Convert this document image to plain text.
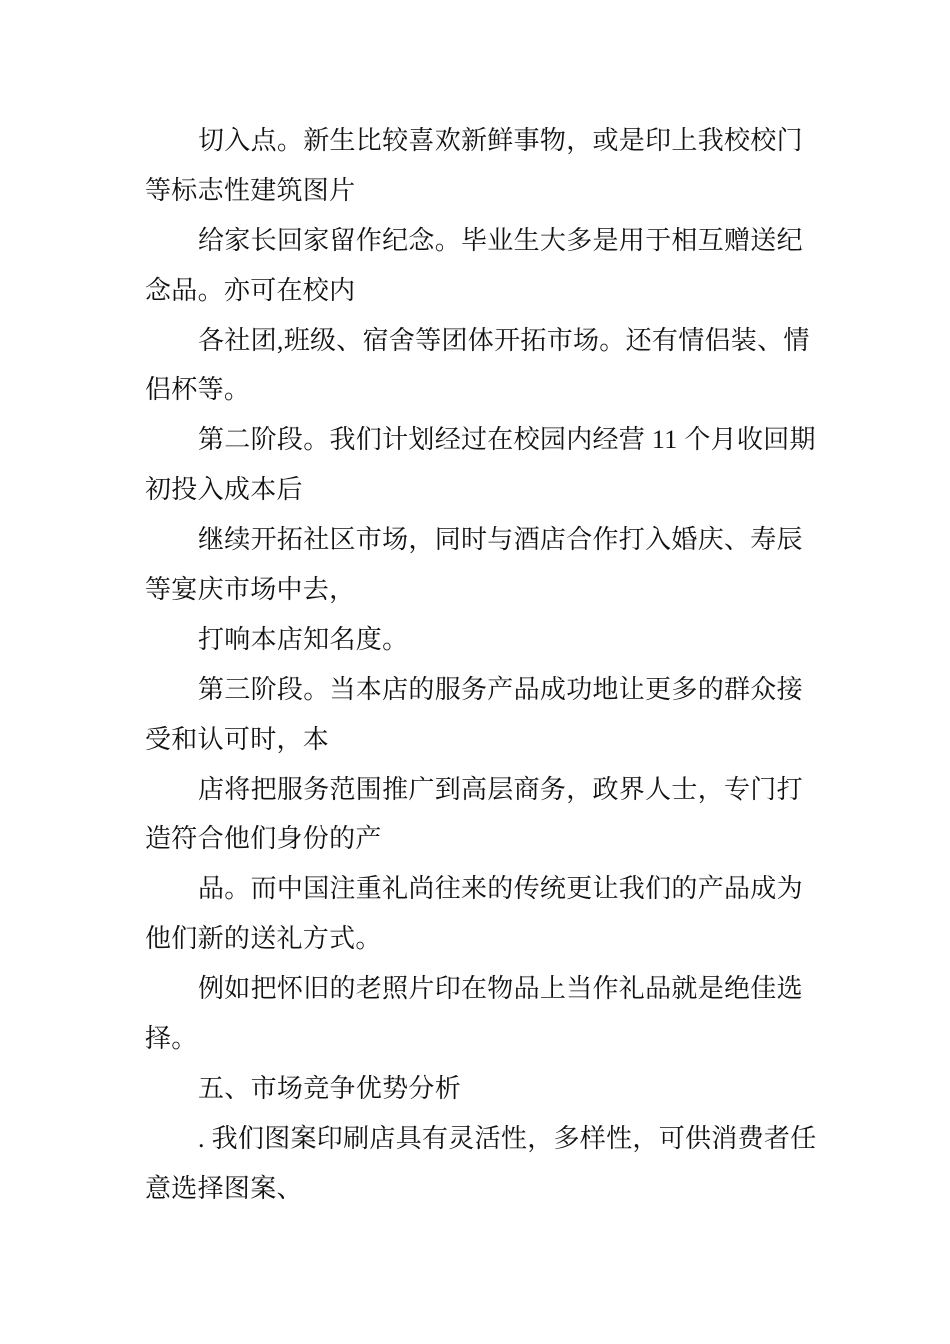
切入点。新生比较喜欢新鲜事物，或是印上我校校门
等标志性建筑图片

给家长回家留作纪念。毕业生大多是用于相互赠送纪
念品。亦可在校内

各社团,班级、宿舍等团体开拓市场。还有情侣装、情
侣杯等。

第二阶段。我们计划经过在校园内经营 11 个月收回期
初投入成本后

继续开拓社区市场，同时与酒店合作打入婚庆、寿辰
等宴庆市场中去，

打响本店知名度。

第三阶段。当本店的服务产品成功地让更多的群众接
受和认可时，本

店将把服务范围推广到高层商务，政界人士，专门打
造符合他们身份的产

品。而中国注重礼尚往来的传统更让我们的产品成为
他们新的送礼方式。

例如把怀旧的老照片印在物品上当作礼品就是绝佳选
择。

五、市场竞争优势分析

. 我们图案印刷店具有灵活性，多样性，可供消费者任
意选择图案、
